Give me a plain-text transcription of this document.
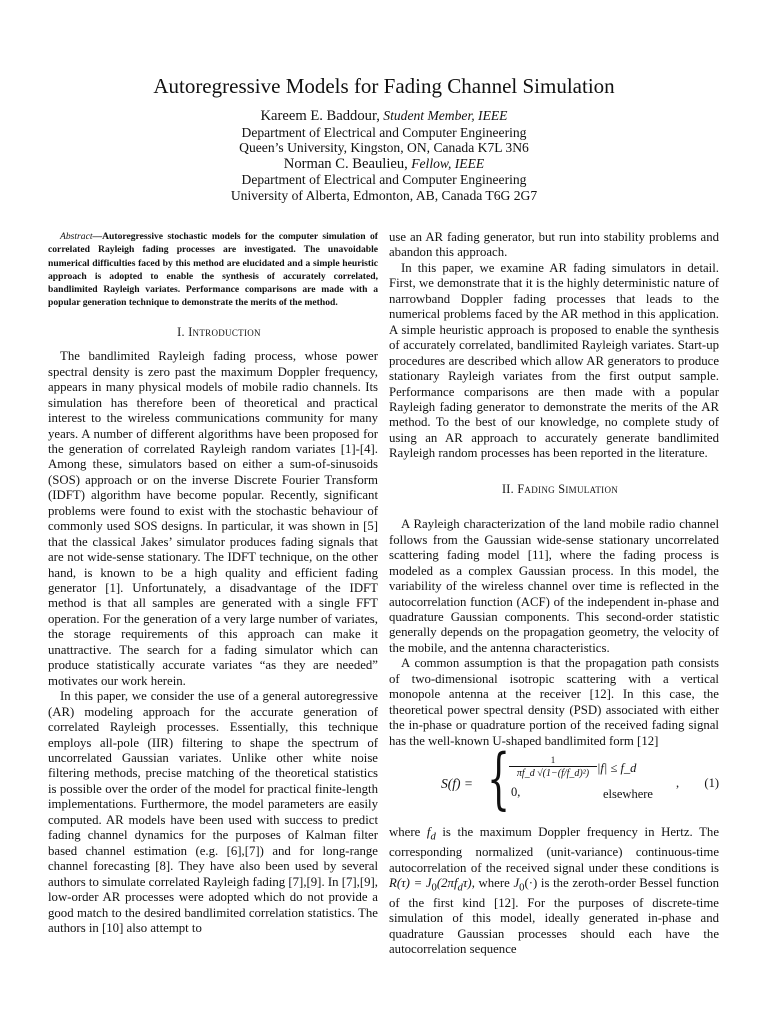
Autoregressive Models for Fading Channel Simulation
Kareem E. Baddour, Student Member, IEEE
Department of Electrical and Computer Engineering
Queen’s University, Kingston, ON, Canada K7L 3N6
Norman C. Beaulieu, Fellow, IEEE
Department of Electrical and Computer Engineering
University of Alberta, Edmonton, AB, Canada T6G 2G7

Abstract—Autoregressive stochastic models for the computer simulation of correlated Rayleigh fading processes are investigated. The unavoidable numerical difficulties faced by this method are elucidated and a simple heuristic approach is adopted to enable the synthesis of accurately correlated, bandlimited Rayleigh variates. Performance comparisons are made with a popular generation technique to demonstrate the merits of the method.

I. Introduction

The bandlimited Rayleigh fading process, whose power spectral density is zero past the maximum Doppler frequency, appears in many physical models of mobile radio channels. Its simulation has therefore been of theoretical and practical interest to the wireless communications community for many years. A number of different algorithms have been proposed for the generation of correlated Rayleigh random variates [1]-[4]. Among these, simulators based on either a sum-of-sinusoids (SOS) approach or on the inverse Discrete Fourier Transform (IDFT) algorithm have become popular. Recently, significant problems were found to exist with the stochastic behaviour of commonly used SOS designs. In particular, it was shown in [5] that the classical Jakes’ simulator produces fading signals that are not wide-sense stationary. The IDFT technique, on the other hand, is known to be a high quality and efficient fading generator [1]. Unfortunately, a disadvantage of the IDFT method is that all samples are generated with a single FFT operation. For the generation of a very large number of variates, the storage requirements of this approach can make it unattractive. The search for a fading simulator which can produce statistically accurate variates “as they are needed” motivates our work herein.

In this paper, we consider the use of a general autoregressive (AR) modeling approach for the accurate generation of correlated Rayleigh processes. Essentially, this technique employs all-pole (IIR) filtering to shape the spectrum of uncorrelated Gaussian variates. Unlike other white noise filtering methods, precise matching of the theoretical statistics is possible over the order of the model for practical finite-length implementations. Furthermore, the model parameters are easily computed. AR models have been used with success to predict fading channel dynamics for the purposes of Kalman filter based channel estimation (e.g. [6],[7]) and for long-range channel forecasting [8]. They have also been used by several authors to simulate correlated Rayleigh fading [7],[9]. In [7],[9], low-order AR processes were adopted which do not provide a good match to the desired bandlimited correlation statistics. The authors in [10] also attempt to

use an AR fading generator, but run into stability problems and abandon this approach.

In this paper, we examine AR fading simulators in detail. First, we demonstrate that it is the highly deterministic nature of narrowband Doppler fading processes that leads to the numerical problems faced by the AR method in this application. A simple heuristic approach is proposed to enable the synthesis of accurately correlated, bandlimited Rayleigh variates. Start-up procedures are described which allow AR generators to produce stationary Rayleigh variates from the first output sample. Performance comparisons are then made with a popular Rayleigh fading generator to demonstrate the merits of the AR method. To the best of our knowledge, no complete study of using an AR approach to accurately generate bandlimited Rayleigh random processes has been reported in the literature.

II. Fading Simulation

A Rayleigh characterization of the land mobile radio channel follows from the Gaussian wide-sense stationary uncorrelated scattering fading model [11], where the fading process is modeled as a complex Gaussian process. In this model, the variability of the wireless channel over time is reflected in the autocorrelation function (ACF) of the independent in-phase and quadrature Gaussian components. This second-order statistic generally depends on the propagation geometry, the velocity of the mobile, and the antenna characteristics.

A common assumption is that the propagation path consists of two-dimensional isotropic scattering with a vertical monopole antenna at the receiver [12]. In this case, the theoretical power spectral density (PSD) associated with either the in-phase or quadrature portion of the received fading signal has the well-known U-shaped bandlimited form [12]

S(f) = {
$\frac{1}{\text{πf\_d √(1−(f/f\_d)²)}} |f|$ ≤ f_d
0,	elsewhere
, (1)

where $f_d$ is the maximum Doppler frequency in Hertz. The corresponding normalized (unit-variance) continuous-time autocorrelation of the received signal under these conditions is $R(\tau) = J_0(2\pi f_d\tau)$, where $J_0(\cdot)$ is the zeroth-order Bessel function of the first kind [12]. For the purposes of discrete-time simulation of this model, ideally generated in-phase and quadrature Gaussian processes should each have the autocorrelation sequence
